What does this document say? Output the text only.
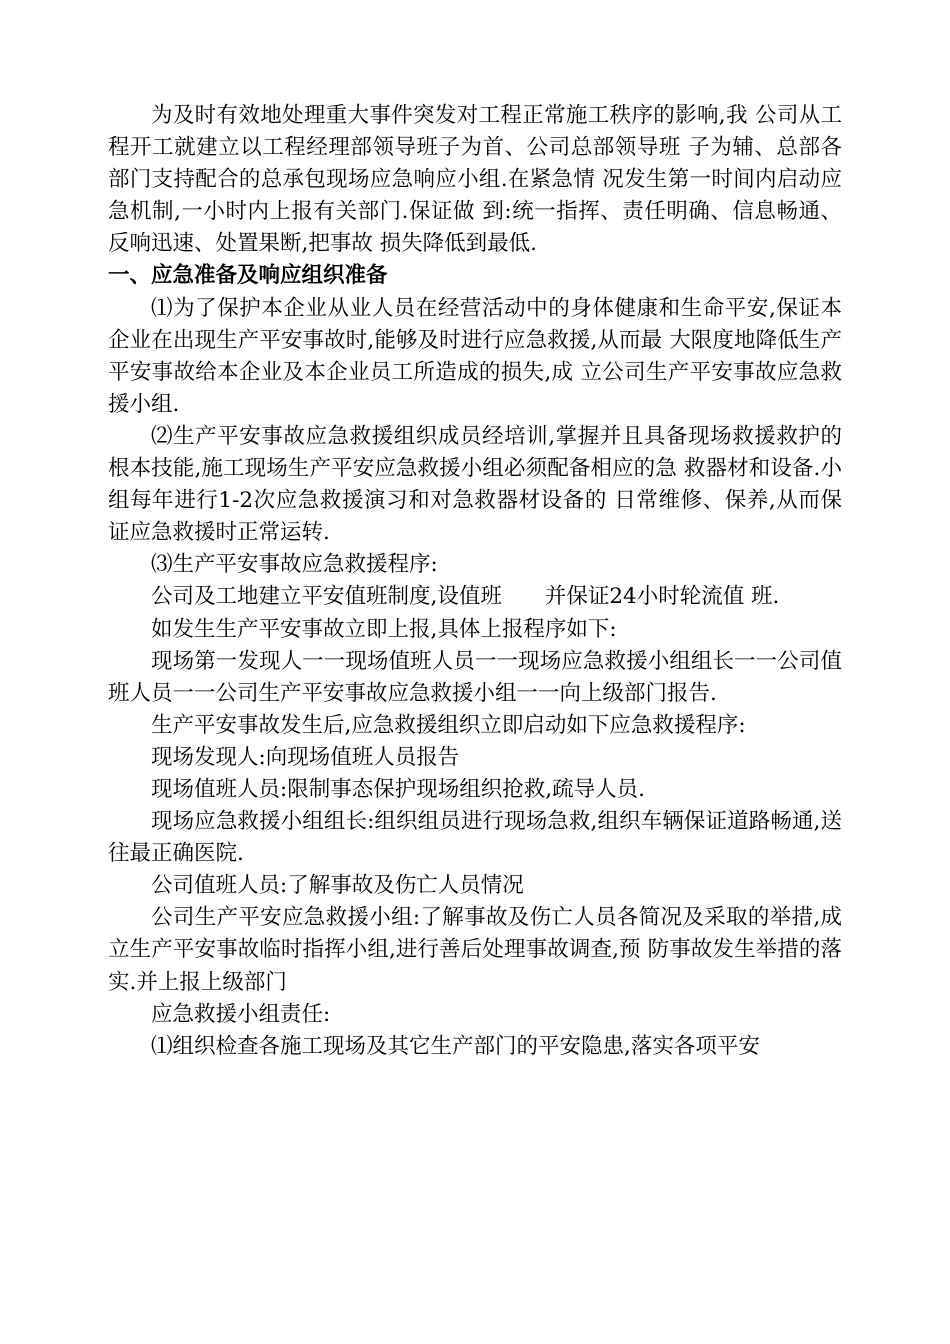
为及时有效地处理重大事件突发对工程正常施工秩序的影响,我 公司从工程开工就建立以工程经理部领导班子为首、公司总部领导班 子为辅、总部各部门支持配合的总承包现场应急响应小组.在紧急情 况发生第一时间内启动应急机制,一小时内上报有关部门.保证做 到:统一指挥、责任明确、信息畅通、反响迅速、处置果断,把事故 损失降低到最低.

一、应急准备及响应组织准备

⑴为了保护本企业从业人员在经营活动中的身体健康和生命平安,保证本企业在出现生产平安事故时,能够及时进行应急救援,从而最 大限度地降低生产平安事故给本企业及本企业员工所造成的损失,成 立公司生产平安事故应急救援小组.

⑵生产平安事故应急救援组织成员经培训,掌握并且具备现场救援救护的根本技能,施工现场生产平安应急救援小组必须配备相应的急 救器材和设备.小组每年进行1-2次应急救援演习和对急救器材设备的 日常维修、保养,从而保证应急救援时正常运转.

⑶生产平安事故应急救援程序:

公司及工地建立平安值班制度,设值班　　并保证24小时轮流值 班.

如发生生产平安事故立即上报,具体上报程序如下:

现场第一发现人一一现场值班人员一一现场应急救援小组组长一一公司值班人员一一公司生产平安事故应急救援小组一一向上级部门报告.

生产平安事故发生后,应急救援组织立即启动如下应急救援程序:

现场发现人:向现场值班人员报告

现场值班人员:限制事态保护现场组织抢救,疏导人员.

现场应急救援小组组长:组织组员进行现场急救,组织车辆保证道路畅通,送往最正确医院.

公司值班人员:了解事故及伤亡人员情况

公司生产平安应急救援小组:了解事故及伤亡人员各简况及采取的举措,成立生产平安事故临时指挥小组,进行善后处理事故调查,预 防事故发生举措的落实.并上报上级部门

应急救援小组责任:

⑴组织检查各施工现场及其它生产部门的平安隐患,落实各项平安
